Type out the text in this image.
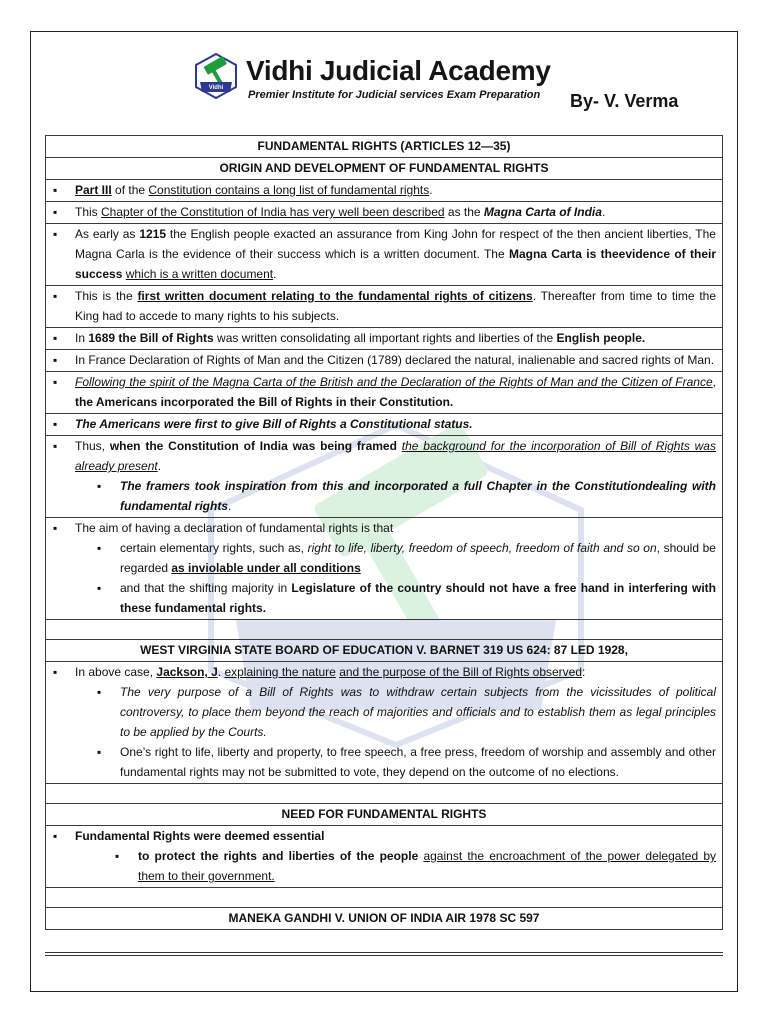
Vidhi
Vidhi Judicial Academy
Premier Institute for Judicial services Exam Preparation By- V. Verma
FUNDAMENTAL RIGHTS (ARTICLES 12—35)
ORIGIN AND DEVELOPMENT OF FUNDAMENTAL RIGHTS
▪ Part III of the Constitution contains a long list of fundamental rights.
▪ This Chapter of the Constitution of India has very well been described as the Magna Carta of India.
▪ As early as 1215 the English people exacted an assurance from King John for respect of the then ancient liberties, The Magna Carla is the evidence of their success which is a written document. The Magna Carta is theevidence of their success which is a written document.
▪ This is the first written document relating to the fundamental rights of citizens. Thereafter from time to time the King had to accede to many rights to his subjects.
▪ In 1689 the Bill of Rights was written consolidating all important rights and liberties of the English people.
▪ In France Declaration of Rights of Man and the Citizen (1789) declared the natural, inalienable and sacred rights of Man.
▪ Following the spirit of the Magna Carta of the British and the Declaration of the Rights of Man and the Citizen of France, the Americans incorporated the Bill of Rights in their Constitution.
▪ The Americans were first to give Bill of Rights a Constitutional status.
▪ Thus, when the Constitution of India was being framed the background for the incorporation of Bill of Rights was already present.
▪ The framers took inspiration from this and incorporated a full Chapter in the Constitutiondealing with fundamental rights.

▪ The aim of having a declaration of fundamental rights is that
▪ certain elementary rights, such as, right to life, liberty, freedom of speech, freedom of faith and so on, should be regarded as inviolable under all conditions
▪ and that the shifting majority in Legislature of the country should not have a free hand in interfering with these fundamental rights.

WEST VIRGINIA STATE BOARD OF EDUCATION V. BARNET 319 US 624: 87 LED 1928,
▪ In above case, Jackson, J. explaining the nature and the purpose of the Bill of Rights observed:
▪ The very purpose of a Bill of Rights was to withdraw certain subjects from the vicissitudes of political controversy, to place them beyond the reach of majorities and officials and to establish them as legal principles to be applied by the Courts.
▪ One’s right to life, liberty and property, to free speech, a free press, freedom of worship and assembly and other fundamental rights may not be submitted to vote, they depend on the outcome of no elections.

NEED FOR FUNDAMENTAL RIGHTS
▪ Fundamental Rights were deemed essential
▪ to protect the rights and liberties of the people against the encroachment of the power delegated by them to their government.

MANEKA GANDHI V. UNION OF INDIA AIR 1978 SC 597
